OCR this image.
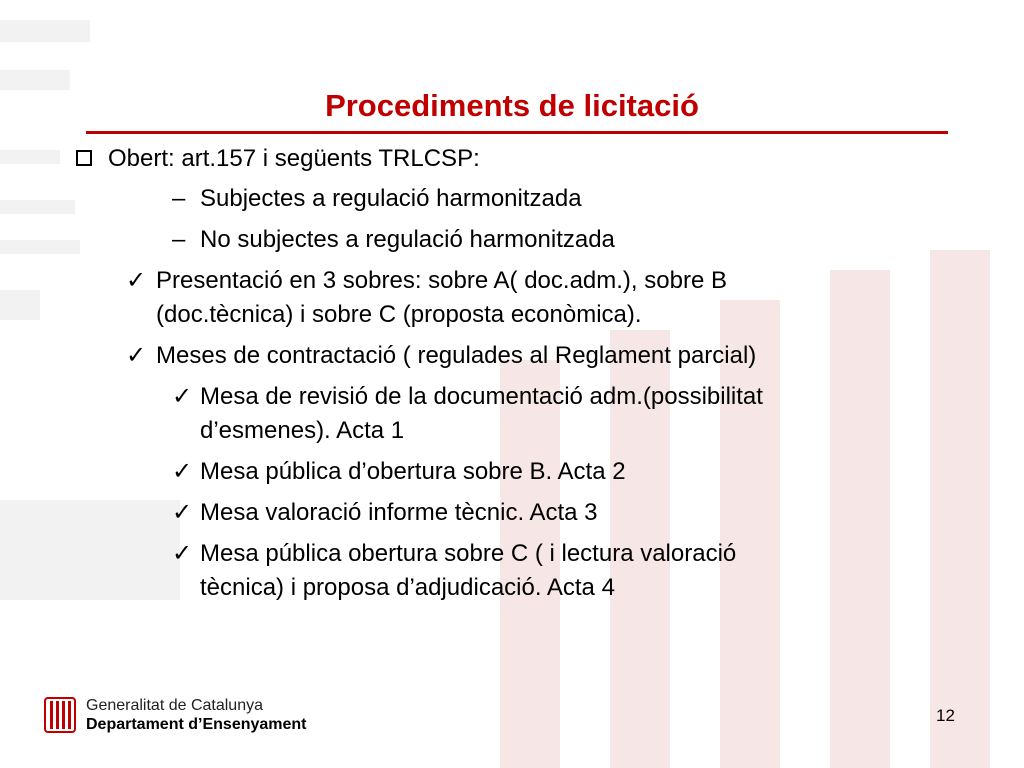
Procediments de licitació
Obert: art.157 i següents TRLCSP:
– Subjectes a regulació harmonitzada
– No subjectes a regulació harmonitzada
✓ Presentació en 3 sobres: sobre A( doc.adm.), sobre B
(doc.tècnica) i sobre C (proposta econòmica).
✓ Meses de contractació ( regulades al Reglament parcial)
✓ Mesa de revisió de la documentació adm.(possibilitat
d’esmenes). Acta 1
✓ Mesa pública d’obertura sobre B. Acta 2
✓ Mesa valoració informe tècnic. Acta 3
✓ Mesa pública obertura sobre C ( i lectura valoració
tècnica) i proposa d’adjudicació. Acta 4
Generalitat de Catalunya
Departament d’Ensenyament	12
